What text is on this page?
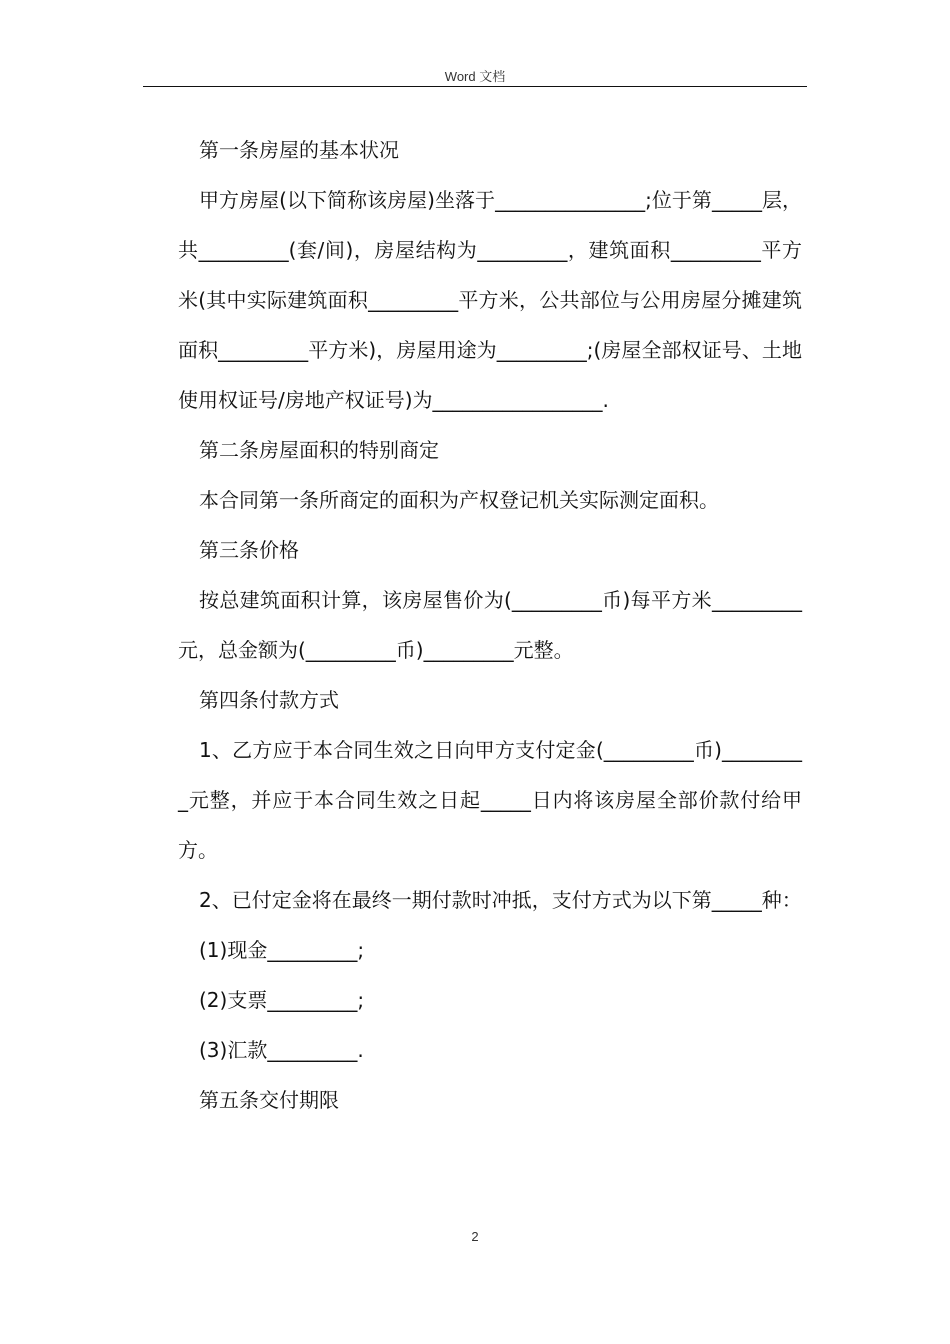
Word 文档

第一条房屋的基本状况

甲方房屋(以下简称该房屋)坐落于_______________;位于第_____层，共_________(套/间)，房屋结构为_________，建筑面积_________平方米(其中实际建筑面积_________平方米，公共部位与公用房屋分摊建筑面积_________平方米)，房屋用途为_________;(房屋全部权证号、土地使用权证号/房地产权证号)为_________________.

第二条房屋面积的特别商定

本合同第一条所商定的面积为产权登记机关实际测定面积。

第三条价格

按总建筑面积计算，该房屋售价为(_________币)每平方米_________元，总金额为(_________币)_________元整。

第四条付款方式

1、乙方应于本合同生效之日向甲方支付定金(_________币)_________元整，并应于本合同生效之日起_____日内将该房屋全部价款付给甲方。

2、已付定金将在最终一期付款时冲抵，支付方式为以下第_____种：

(1)现金_________;

(2)支票_________;

(3)汇款_________.

第五条交付期限

2
